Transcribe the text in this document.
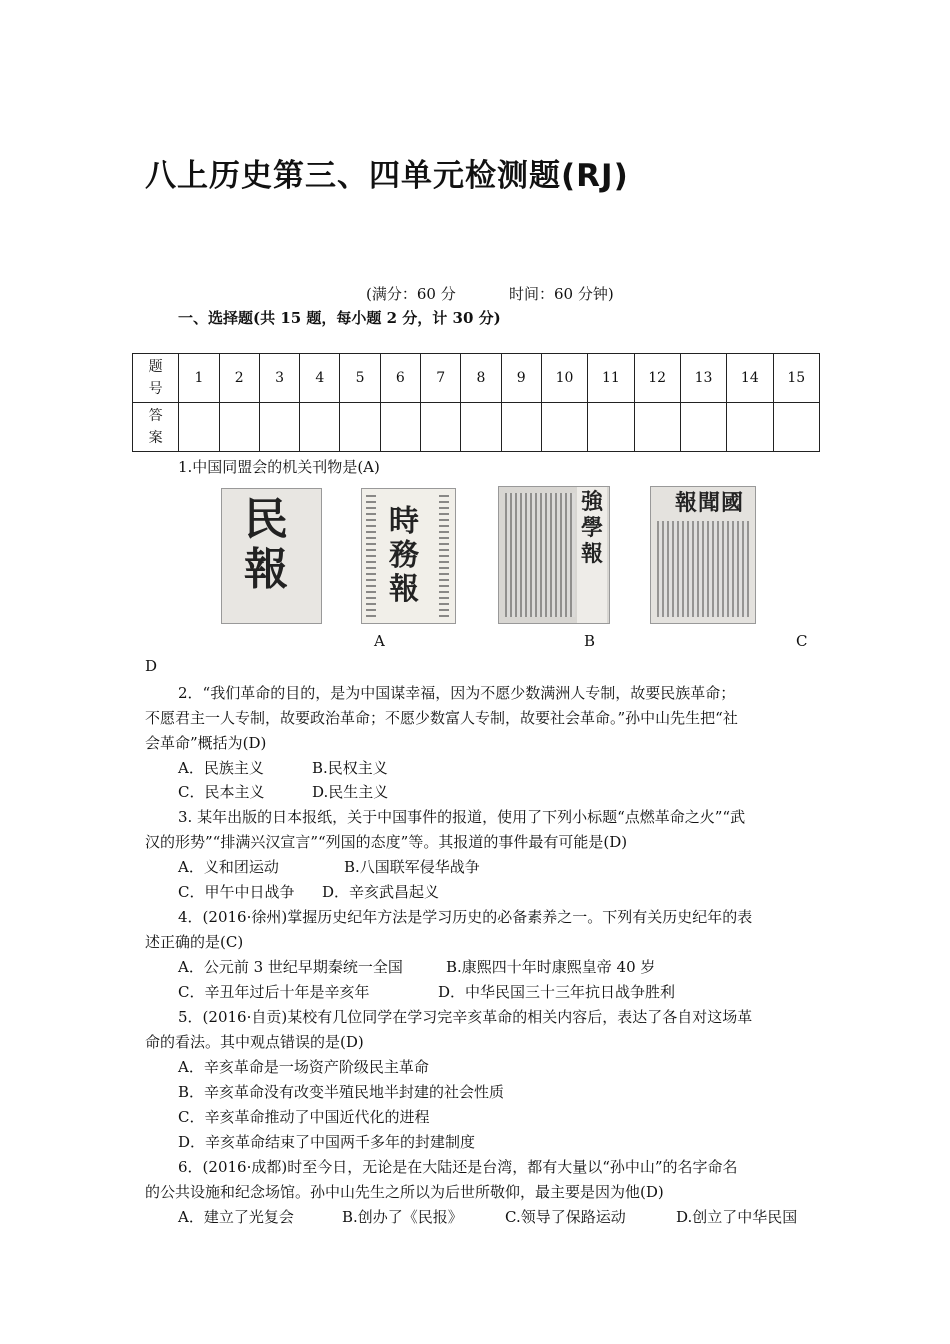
八上历史第三、四单元检测题(RJ)
(满分：60 分	时间：60 分钟)
一、选择题(共 15 题，每小题 2 分，计 30 分)
题
号	1	2	3	4	5	6	7	8	9	10	11	12	13	14	15

答
案															

1.中国同盟会的机关刊物是(A)
民
報
時
務
報
強
學
報
報聞國
A	B	C
D
2．“我们革命的目的，是为中国谋幸福，因为不愿少数满洲人专制，故要民族革命；
不愿君主一人专制，故要政治革命；不愿少数富人专制，故要社会革命。”孙中山先生把“社
会革命”概括为(D)
A．民族主义	B.民权主义
C．民本主义	D.民生主义
3. 某年出版的日本报纸，关于中国事件的报道，使用了下列小标题“点燃革命之火”“武
汉的形势”“排满兴汉宣言”“列国的态度”等。其报道的事件最有可能是(D)
A．义和团运动	B.八国联军侵华战争
C．甲午中日战争 D．辛亥武昌起义
4．(2016·徐州)掌握历史纪年方法是学习历史的必备素养之一。下列有关历史纪年的表
述正确的是(C)
A．公元前 3 世纪早期秦统一全国	B.康熙四十年时康熙皇帝 40 岁
C．辛丑年过后十年是辛亥年	D．中华民国三十三年抗日战争胜利
5．(2016·自贡)某校有几位同学在学习完辛亥革命的相关内容后，表达了各自对这场革
命的看法。其中观点错误的是(D)
A．辛亥革命是一场资产阶级民主革命
B．辛亥革命没有改变半殖民地半封建的社会性质
C．辛亥革命推动了中国近代化的进程
D．辛亥革命结束了中国两千多年的封建制度
6．(2016·成都)时至今日，无论是在大陆还是台湾，都有大量以“孙中山”的名字命名
的公共设施和纪念场馆。孙中山先生之所以为后世所敬仰，最主要是因为他(D)
A．建立了光复会	B.创办了《民报》	C.领导了保路运动	D.创立了中华民国
